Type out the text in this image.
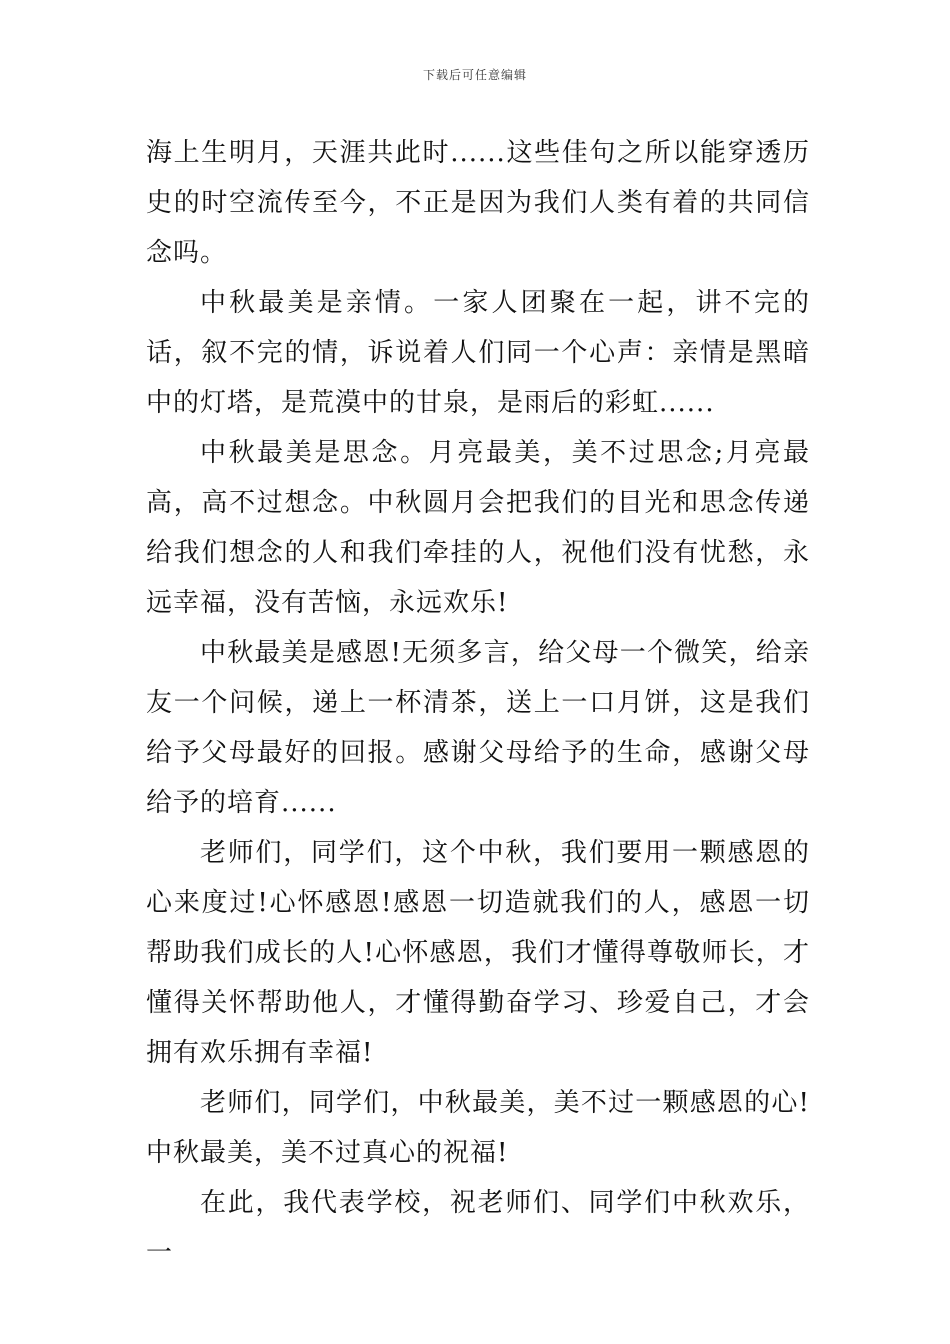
下载后可任意编辑

海上生明月，天涯共此时......这些佳句之所以能穿透历史的时空流传至今，不正是因为我们人类有着的共同信念吗。

中秋最美是亲情。一家人团聚在一起，讲不完的话，叙不完的情，诉说着人们同一个心声：亲情是黑暗中的灯塔，是荒漠中的甘泉，是雨后的彩虹......

中秋最美是思念。月亮最美，美不过思念;月亮最高，高不过想念。中秋圆月会把我们的目光和思念传递给我们想念的人和我们牵挂的人，祝他们没有忧愁，永远幸福，没有苦恼，永远欢乐!

中秋最美是感恩!无须多言，给父母一个微笑，给亲友一个问候，递上一杯清茶，送上一口月饼，这是我们给予父母最好的回报。感谢父母给予的生命，感谢父母给予的培育......

老师们，同学们，这个中秋，我们要用一颗感恩的心来度过!心怀感恩!感恩一切造就我们的人，感恩一切帮助我们成长的人!心怀感恩，我们才懂得尊敬师长，才懂得关怀帮助他人，才懂得勤奋学习、珍爱自己，才会拥有欢乐拥有幸福!

老师们，同学们，中秋最美，美不过一颗感恩的心!中秋最美，美不过真心的祝福!

在此，我代表学校，祝老师们、同学们中秋欢乐，一
